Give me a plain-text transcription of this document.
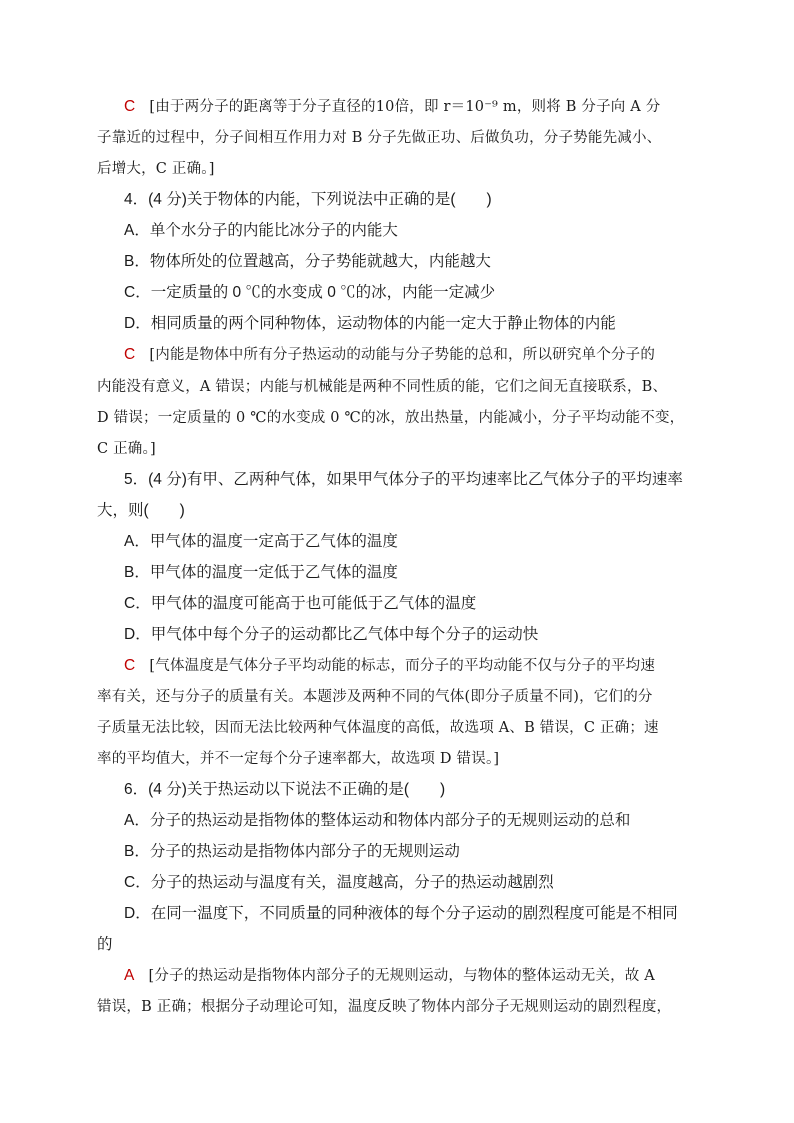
C [由于两分子的距离等于分子直径的10倍，即 r＝10⁻⁹ m，则将 B 分子向 A 分
子靠近的过程中，分子间相互作用力对 B 分子先做正功、后做负功，分子势能先减小、
后增大，C 正确。]
4．(4 分)关于物体的内能，下列说法中正确的是(　　)
A．单个水分子的内能比冰分子的内能大
B．物体所处的位置越高，分子势能就越大，内能越大
C．一定质量的 0 ℃的水变成 0 ℃的冰，内能一定减少
D．相同质量的两个同种物体，运动物体的内能一定大于静止物体的内能
C [内能是物体中所有分子热运动的动能与分子势能的总和，所以研究单个分子的
内能没有意义，A 错误；内能与机械能是两种不同性质的能，它们之间无直接联系，B、
D 错误；一定质量的 0 ℃的水变成 0 ℃的冰，放出热量，内能减小，分子平均动能不变，
C 正确。]
5．(4 分)有甲、乙两种气体，如果甲气体分子的平均速率比乙气体分子的平均速率
大，则(　　)
A．甲气体的温度一定高于乙气体的温度
B．甲气体的温度一定低于乙气体的温度
C．甲气体的温度可能高于也可能低于乙气体的温度
D．甲气体中每个分子的运动都比乙气体中每个分子的运动快
C [气体温度是气体分子平均动能的标志，而分子的平均动能不仅与分子的平均速
率有关，还与分子的质量有关。本题涉及两种不同的气体(即分子质量不同)，它们的分
子质量无法比较，因而无法比较两种气体温度的高低，故选项 A、B 错误，C 正确；速
率的平均值大，并不一定每个分子速率都大，故选项 D 错误。]
6．(4 分)关于热运动以下说法不正确的是(　　)
A．分子的热运动是指物体的整体运动和物体内部分子的无规则运动的总和
B．分子的热运动是指物体内部分子的无规则运动
C．分子的热运动与温度有关，温度越高，分子的热运动越剧烈
D．在同一温度下，不同质量的同种液体的每个分子运动的剧烈程度可能是不相同
的
A [分子的热运动是指物体内部分子的无规则运动，与物体的整体运动无关，故 A
错误，B 正确；根据分子动理论可知，温度反映了物体内部分子无规则运动的剧烈程度，
